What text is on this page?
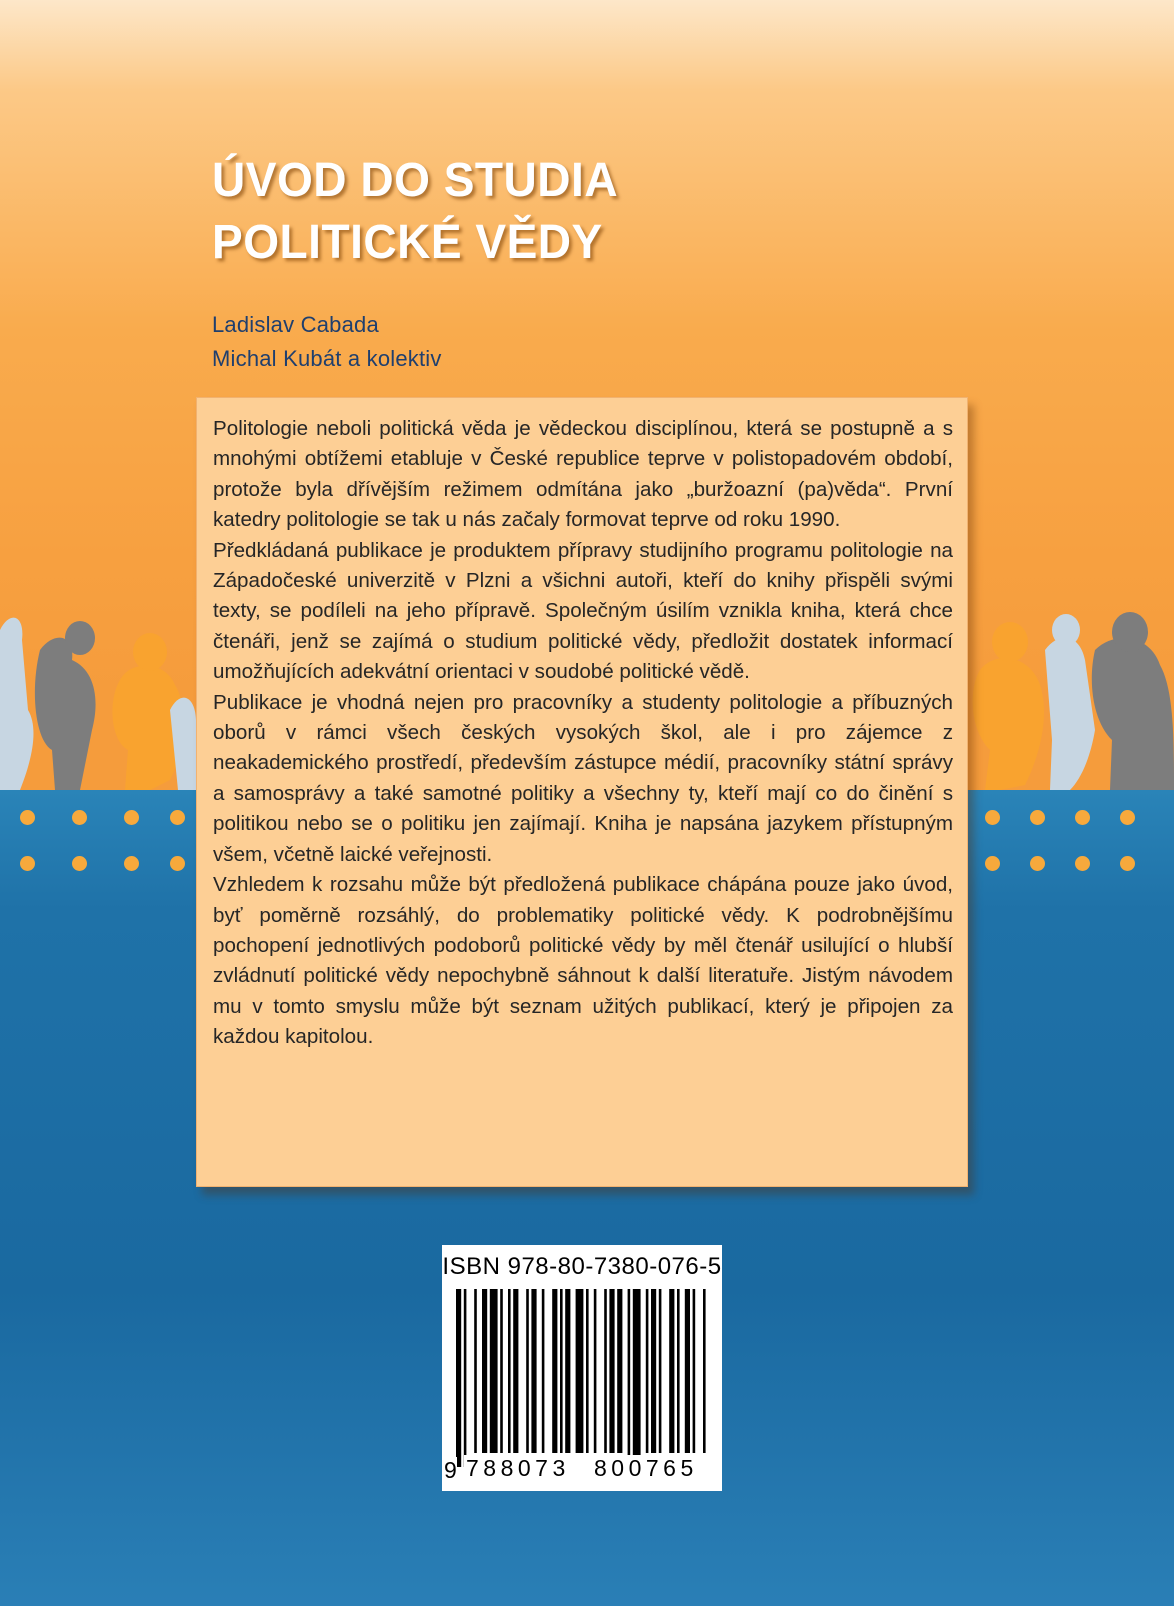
ÚVOD DO STUDIA
POLITICKÉ VĚDY
Ladislav Cabada
Michal Kubát a kolektiv

Politologie neboli politická věda je vědeckou disciplínou, která se postupně a s mnohými obtížemi etabluje v České republice teprve v polistopadovém období, protože byla dřívějším režimem odmítána jako „buržoazní (pa)věda“. První katedry politologie se tak u nás začaly formovat teprve od roku 1990.

Předkládaná publikace je produktem přípravy studijního programu politologie na Západočeské univerzitě v Plzni a všichni autoři, kteří do knihy přispěli svými texty, se podíleli na jeho přípravě. Společným úsilím vznikla kniha, která chce čtenáři, jenž se zajímá o studium politické vědy, předložit dostatek informací umožňujících adekvátní orientaci v soudobé politické vědě.

Publikace je vhodná nejen pro pracovníky a studenty politologie a příbuzných oborů v rámci všech českých vysokých škol, ale i pro zájemce z neakademického prostředí, především zástupce médií, pracovníky státní správy a samosprávy a také samotné politiky a všechny ty, kteří mají co do činění s politikou nebo se o politiku jen zajímají. Kniha je napsána jazykem přístupným všem, včetně laické veřejnosti.

Vzhledem k rozsahu může být předložená publikace chápána pouze jako úvod, byť poměrně rozsáhlý, do problematiky politické vědy. K podrobnějšímu pochopení jednotlivých podoborů politické vědy by měl čtenář usilující o hlubší zvládnutí politické vědy nepochybně sáhnout k další literatuře. Jistým návodem mu v tomto smyslu může být seznam užitých publikací, který je připojen za každou kapitolou.

ISBN 978-80-7380-076-5
9 788073 800765
